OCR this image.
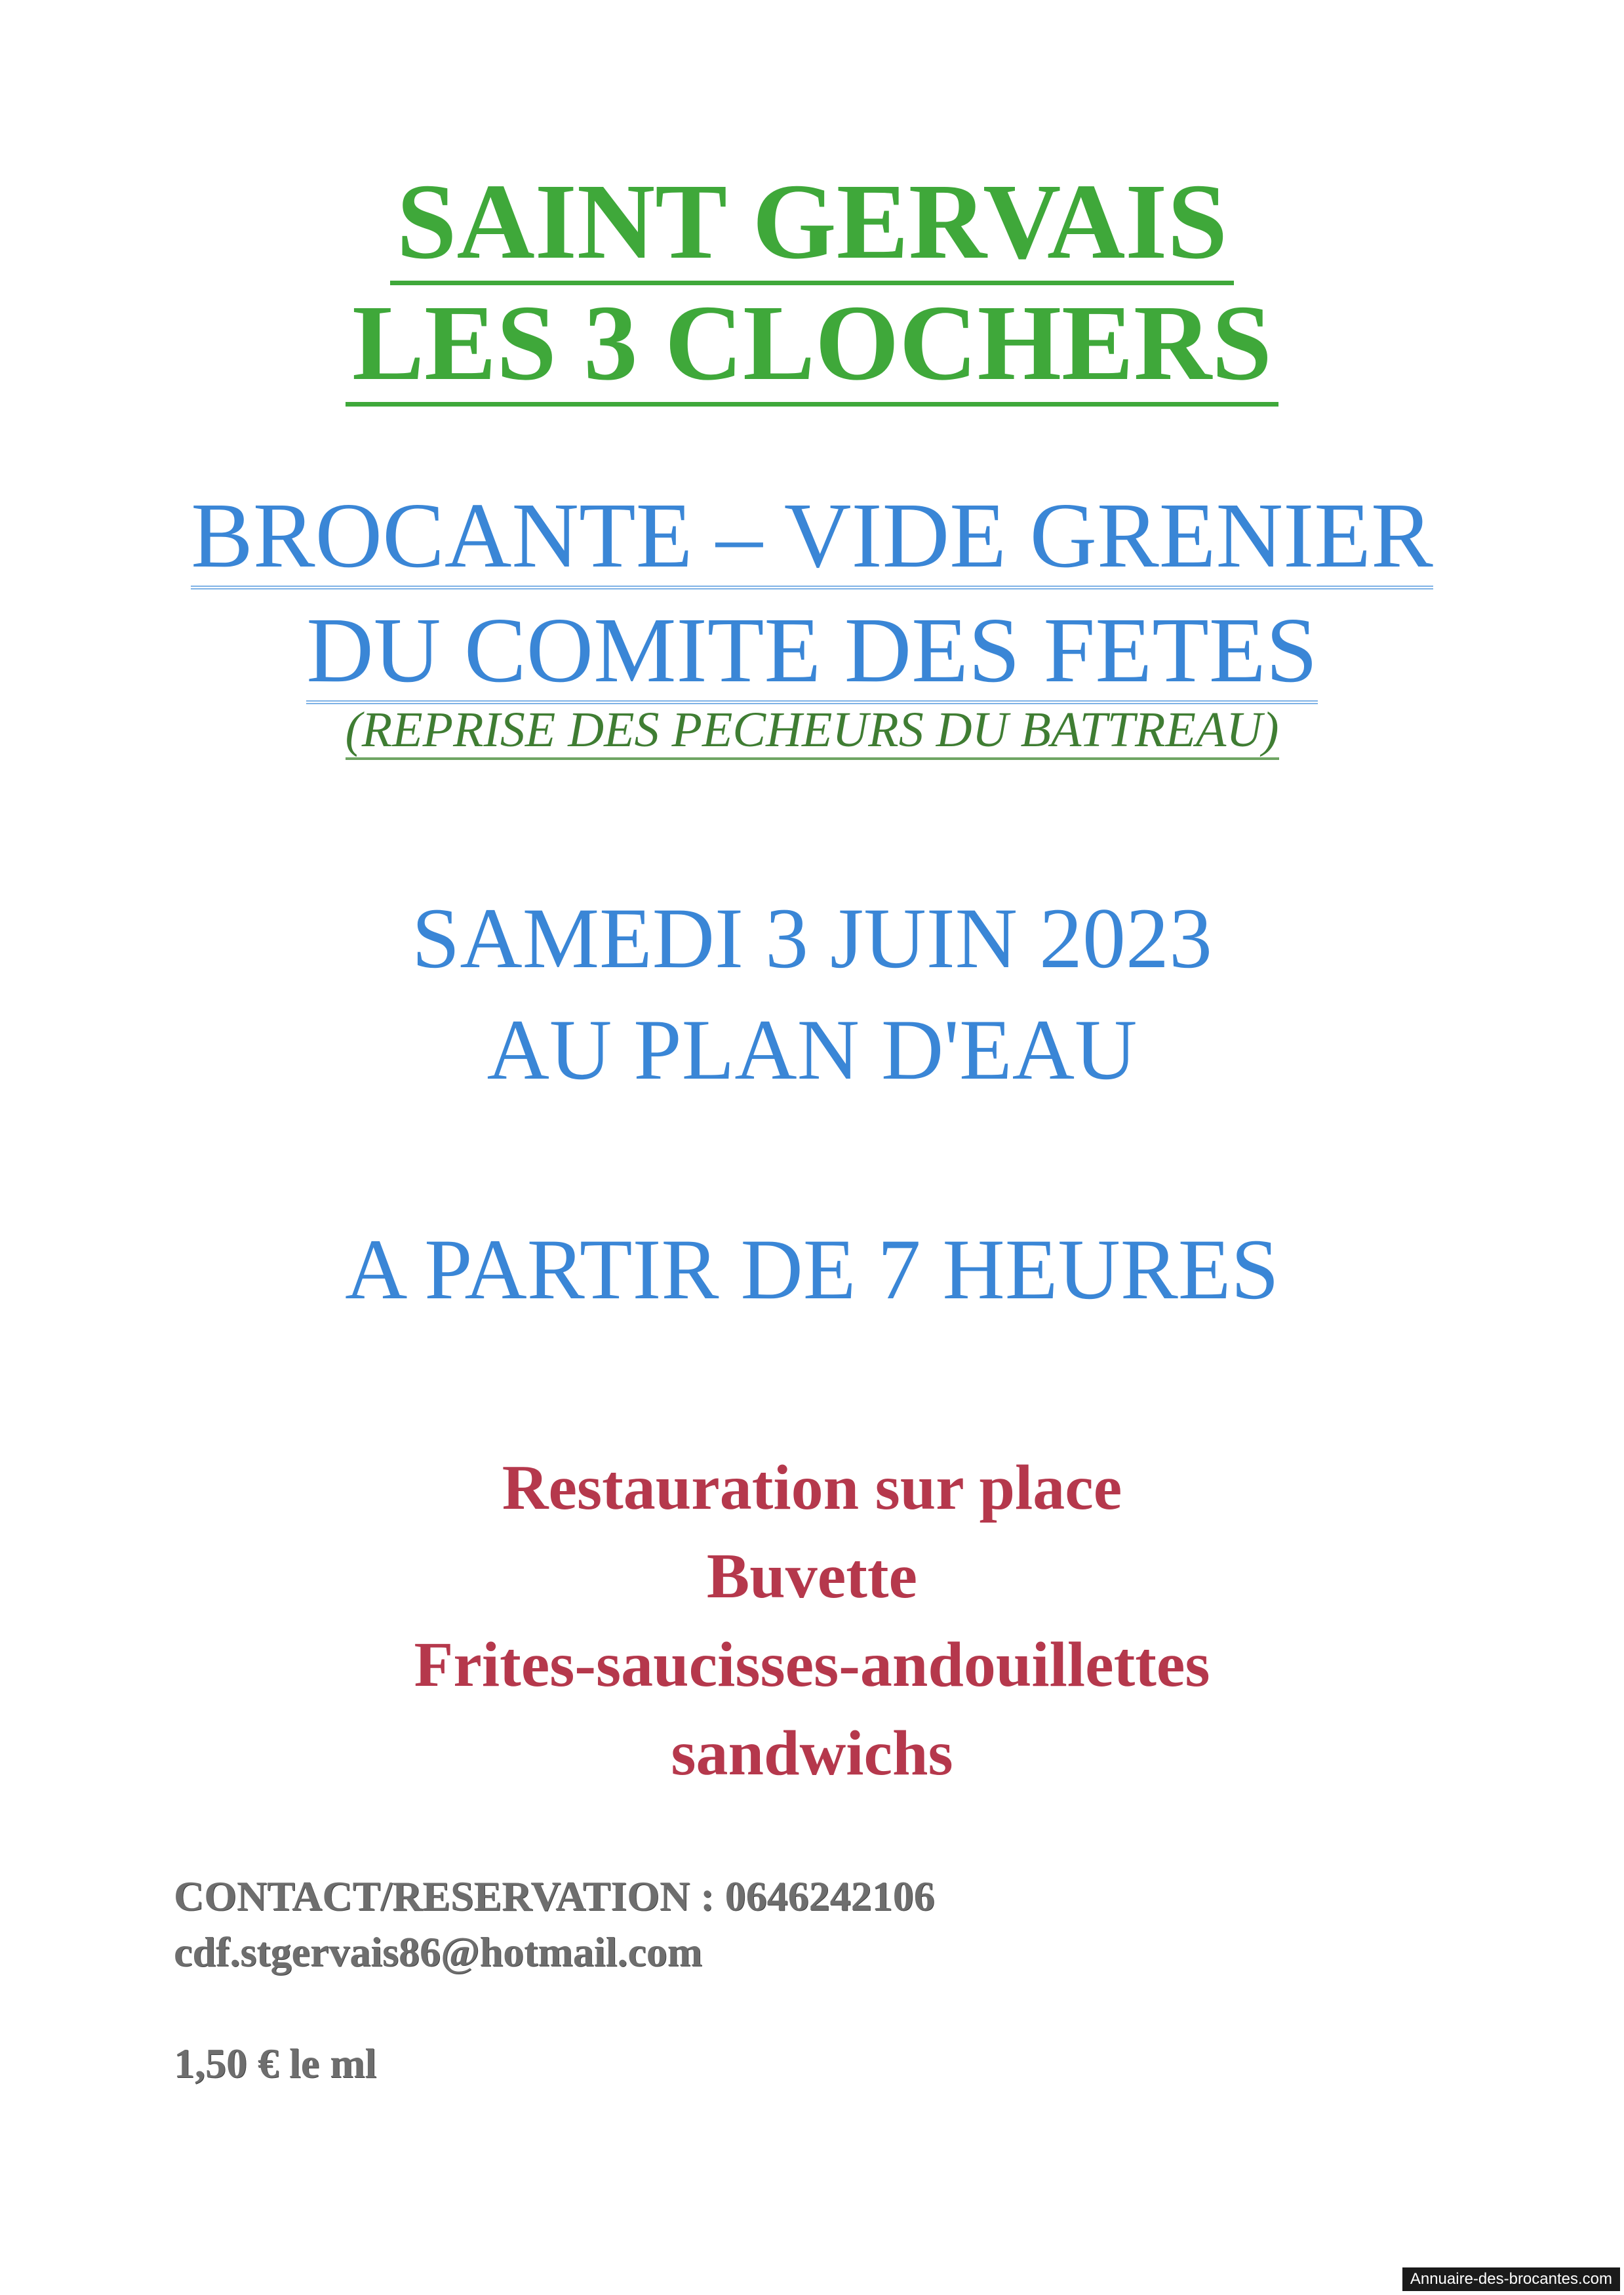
SAINT GERVAIS
LES 3 CLOCHERS
BROCANTE – VIDE GRENIER
DU COMITE DES FETES
(REPRISE DES PECHEURS DU BATTREAU)
SAMEDI 3 JUIN 2023
AU PLAN D'EAU
A PARTIR DE 7 HEURES
Restauration sur place
Buvette
Frites-saucisses-andouillettes
sandwichs
CONTACT/RESERVATION : 0646242106
cdf.stgervais86@hotmail.com
1,50 € le ml
Annuaire-des-brocantes.com
